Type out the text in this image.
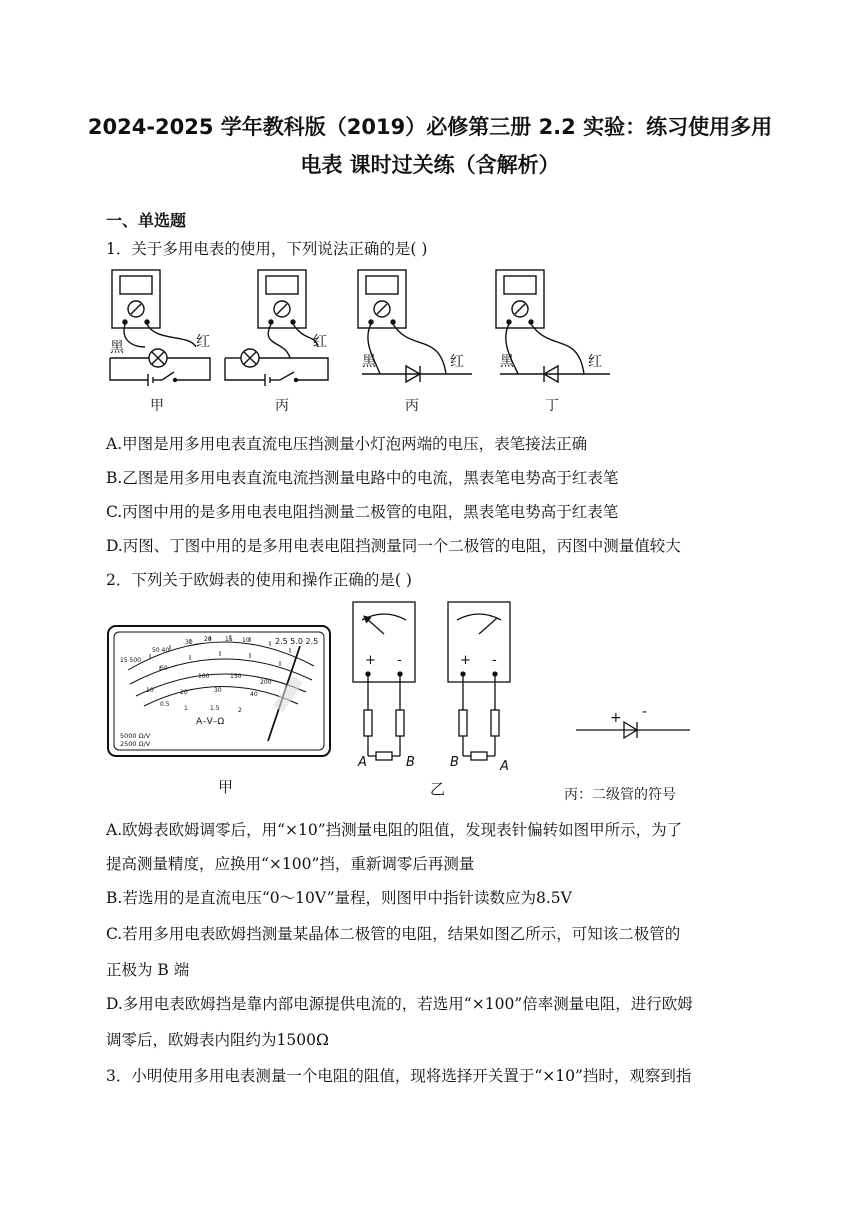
2024-2025 学年教科版（2019）必修第三册 2.2 实验：练习使用多用
电表 课时过关练（含解析）
一、单选题
1．关于多用电表的使用，下列说法正确的是( )
黑	红	红
黑	红	黑	红
甲	丙	丙	丁
A.甲图是用多用电表直流电压挡测量小灯泡两端的电压，表笔接法正确
B.乙图是用多用电表直流电流挡测量电路中的电流，黑表笔电势高于红表笔
C.丙图中用的是多用电表电阻挡测量二极管的电阻，黑表笔电势高于红表笔
D.丙图、丁图中用的是多用电表电阻挡测量同一个二极管的电阻，丙图中测量值较大
2．下列关于欧姆表的使用和操作正确的是( )
15 500
50 40
30 20 15 10
50
100	150
200
10	20	30
40
0.5
1	1.5	2
2.5 5.0 2.5
A–V–Ω
5000 Ω/V
2500 Ω/V
甲
+ -	+ -
A	B	B	A
乙
+ -
丙：二级管的符号
A.欧姆表欧姆调零后，用“×10”挡测量电阻的阻值，发现表针偏转如图甲所示，为了
提高测量精度，应换用“×100”挡，重新调零后再测量
B.若选用的是直流电压“0～10V”量程，则图甲中指针读数应为8.5V
C.若用多用电表欧姆挡测量某晶体二极管的电阻，结果如图乙所示，可知该二极管的
正极为 B 端
D.多用电表欧姆挡是靠内部电源提供电流的，若选用“×100”倍率测量电阻，进行欧姆
调零后，欧姆表内阻约为1500Ω
3．小明使用多用电表测量一个电阻的阻值，现将选择开关置于“×10”挡时，观察到指
